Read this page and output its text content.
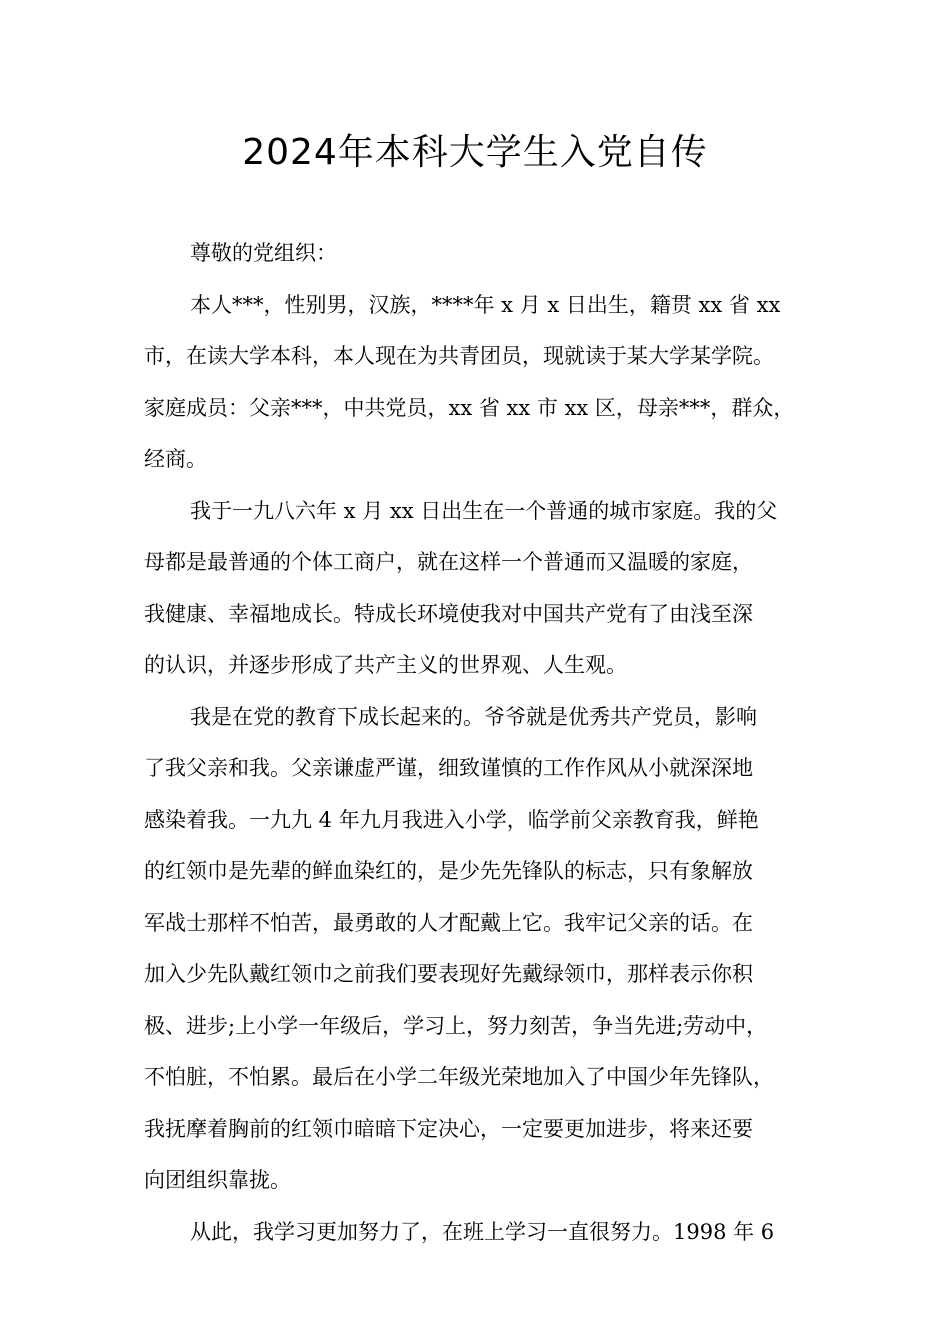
2024年本科大学生入党自传
尊敬的党组织：
本人***，性别男，汉族，****年 x 月 x 日出生，籍贯 xx 省 xx
市，在读大学本科，本人现在为共青团员，现就读于某大学某学院。
家庭成员：父亲***，中共党员，xx 省 xx 市 xx 区，母亲***，群众，
经商。
我于一九八六年 x 月 xx 日出生在一个普通的城市家庭。我的父
母都是最普通的个体工商户，就在这样一个普通而又温暖的家庭，
我健康、幸福地成长。特成长环境使我对中国共产党有了由浅至深
的认识，并逐步形成了共产主义的世界观、人生观。
我是在党的教育下成长起来的。爷爷就是优秀共产党员，影响
了我父亲和我。父亲谦虚严谨，细致谨慎的工作作风从小就深深地
感染着我。一九九 4 年九月我进入小学，临学前父亲教育我，鲜艳
的红领巾是先辈的鲜血染红的，是少先先锋队的标志，只有象解放
军战士那样不怕苦，最勇敢的人才配戴上它。我牢记父亲的话。在
加入少先队戴红领巾之前我们要表现好先戴绿领巾，那样表示你积
极、进步;上小学一年级后，学习上，努力刻苦，争当先进;劳动中，
不怕脏，不怕累。最后在小学二年级光荣地加入了中国少年先锋队，
我抚摩着胸前的红领巾暗暗下定决心，一定要更加进步，将来还要
向团组织靠拢。
从此，我学习更加努力了，在班上学习一直很努力。1998 年 6
